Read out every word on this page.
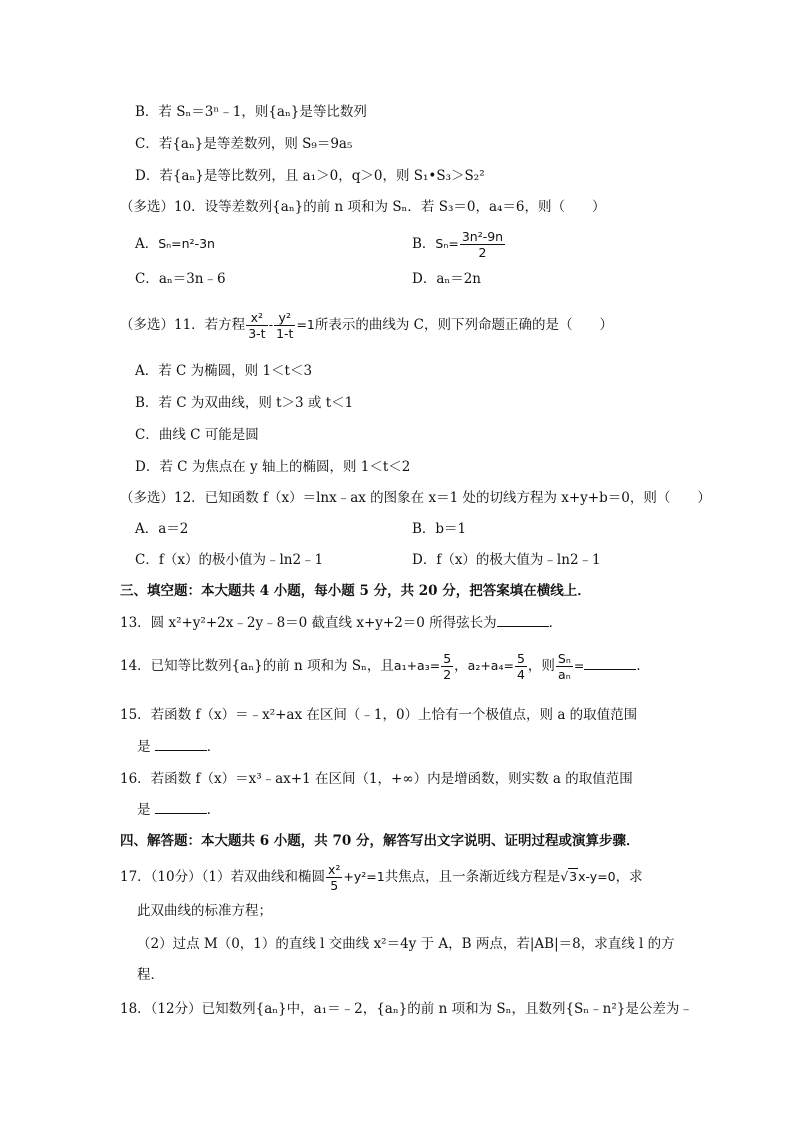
B．若 Sₙ＝3ⁿ﹣1，则{aₙ}是等比数列
C．若{aₙ}是等差数列，则 S₉＝9a₅
D．若{aₙ}是等比数列，且 a₁＞0，q＞0，则 S₁•S₃＞S₂²
（多选）10．设等差数列{aₙ}的前 n 项和为 Sₙ．若 S₃＝0，a₄＝6，则（　　）
A．Sₙ=n²-3n	B．$S_n= \frac{\text{3n²-9n}}{2}$
C．aₙ＝3n﹣6	D．aₙ＝2n
（多选）11．若方程 $\frac{\text{x²}}{3-t} - \frac{\text{y²}}{1-t} =1$所表示的曲线为 C，则下列命题正确的是（　　）
A．若 C 为椭圆，则 1＜t＜3
B．若 C 为双曲线，则 t＞3 或 t＜1
C．曲线 C 可能是圆
D．若 C 为焦点在 y 轴上的椭圆，则 1＜t＜2
（多选）12．已知函数 f（x）＝lnx﹣ax 的图象在 x＝1 处的切线方程为 x+y+b＝0，则（　　）
A．a＝2	B．b＝1
C．f（x）的极小值为﹣ln2﹣1	D．f（x）的极大值为﹣ln2﹣1
三、填空题：本大题共 4 小题，每小题 5 分，共 20 分，把答案填在横线上．
13．圆 x²+y²+2x﹣2y﹣8＝0 截直线 x+y+2＝0 所得弦长为	．
14．已知等比数列{aₙ}的前 n 项和为 Sₙ，且$a_1+a_3= \frac{5}{2}$ ，$a_2+a_4= \frac{5}{4}$ ，则 $\frac{\text{Sₙ}}{\text{aₙ}}$ =	．
15．若函数 f（x）＝﹣x²+ax 在区间（﹣1，0）上恰有一个极值点，则 a 的取值范围
是	．
16．若函数 f（x）＝x³﹣ax+1 在区间（1，+∞）内是增函数，则实数 a 的取值范围
是	．
四、解答题：本大题共 6 小题，共 70 分，解答写出文字说明、证明过程或演算步骤．
17．（10分）（1）若双曲线和椭圆 $\frac{\text{x²}}{5} +y^2=1$共焦点，且一条渐近线方程是√3x-y=0，求
此双曲线的标准方程；
（2）过点 M（0，1）的直线 l 交曲线 x²＝4y 于 A，B 两点，若|AB|＝8，求直线 l 的方
程．
18．（12分）已知数列{aₙ}中，a₁＝﹣2，{aₙ}的前 n 项和为 Sₙ，且数列{Sₙ﹣n²}是公差为﹣
